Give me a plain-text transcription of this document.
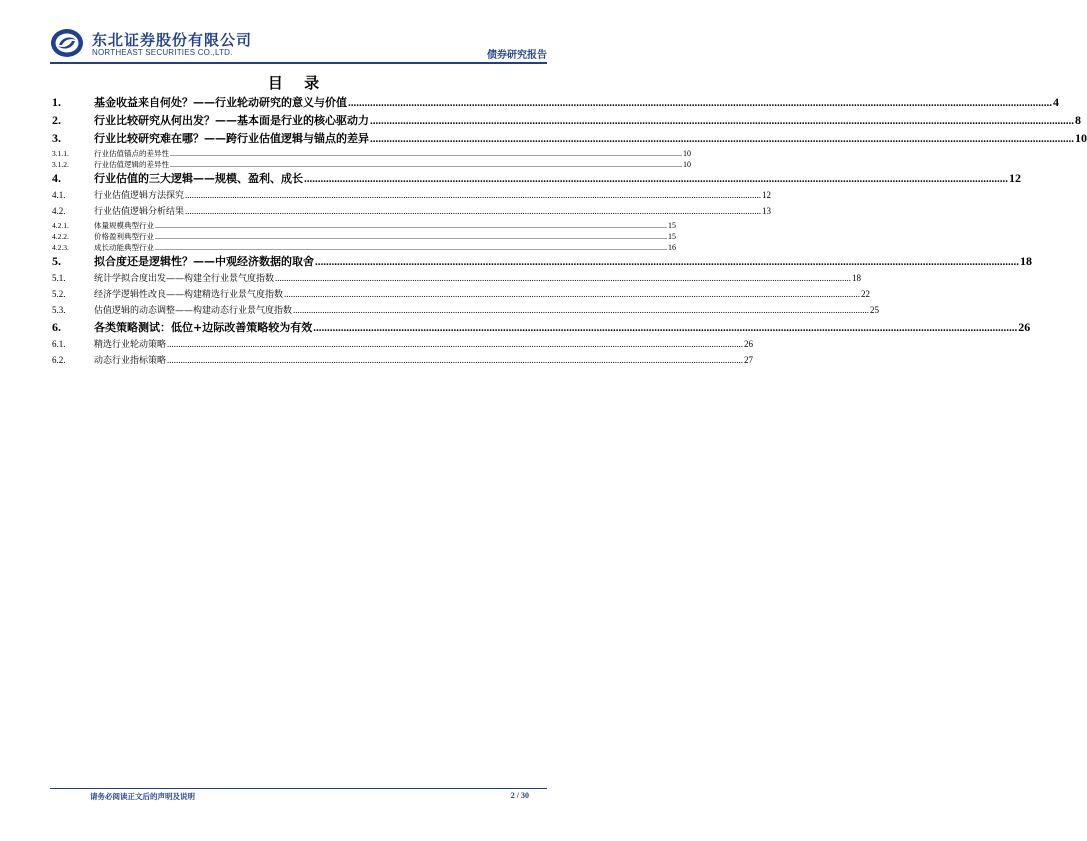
东北证券股份有限公司
NORTHEAST SECURITIES CO.,LTD.	债券研究报告
目 录
1.	基金收益来自何处？——行业轮动研究的意义与价值 .....	4
2.	行业比较研究从何出发？——基本面是行业的核心驱动力 .....	8
3.	行业比较研究难在哪？——跨行业估值逻辑与锚点的差异 .....	10
3.1.1.	行业估值锚点的差异性 .....	10
3.1.2.	行业估值逻辑的差异性 .....	10
4.	行业估值的三大逻辑——规模、盈利、成长 .....	12
4.1.	行业估值逻辑方法探究 .....	12
4.2.	行业估值逻辑分析结果 .....	13
4.2.1.	体量规模典型行业 .....	15
4.2.2.	价格盈利典型行业 .....	15
4.2.3.	成长动能典型行业 .....	16
5.	拟合度还是逻辑性？——中观经济数据的取舍 .....	18
5.1.	统计学拟合度出发——构建全行业景气度指数 .....	18
5.2.	经济学逻辑性改良——构建精选行业景气度指数 .....	22
5.3.	估值逻辑的动态调整——构建动态行业景气度指数 .....	25
6.	各类策略测试：低位+边际改善策略较为有效 .....	26
6.1.	精选行业轮动策略 .....	26
6.2.	动态行业指标策略 .....	27
请务必阅读正文后的声明及说明	2 / 30
